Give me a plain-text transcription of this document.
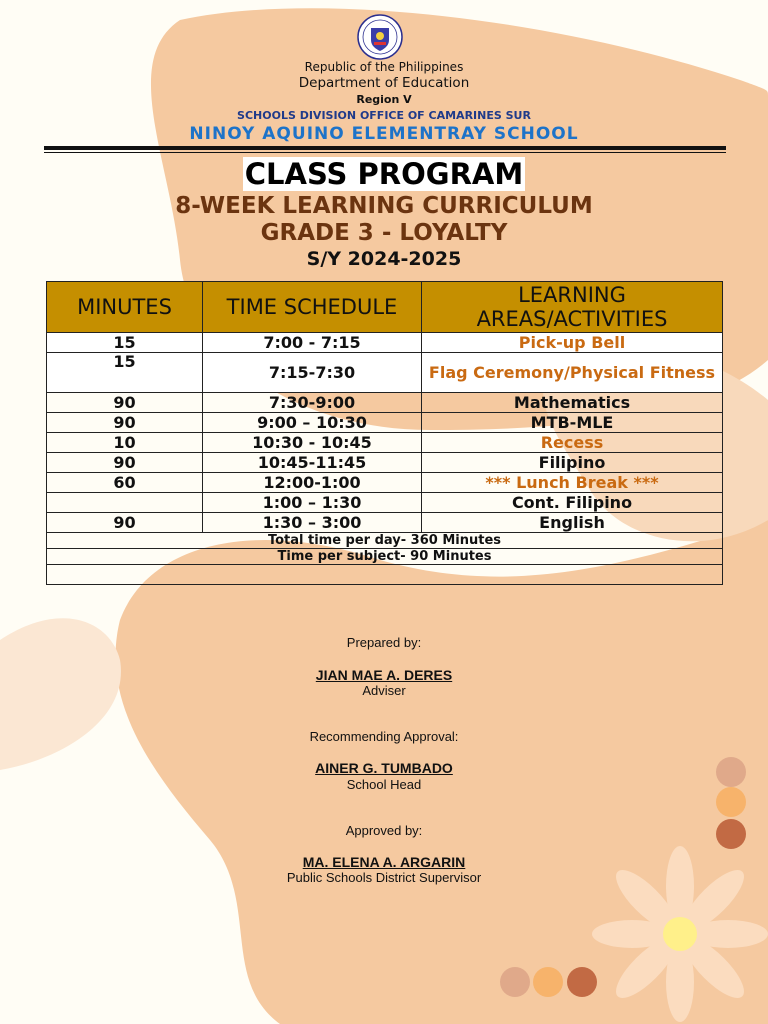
Republic of the Philippines
Department of Education
Region V
SCHOOLS DIVISION OFFICE OF CAMARINES SUR
NINOY AQUINO ELEMENTRAY SCHOOL
CLASS PROGRAM
8-WEEK LEARNING CURRICULUM
GRADE 3 - LOYALTY
S/Y 2024-2025
MINUTES	TIME SCHEDULE	LEARNING AREAS/ACTIVITIES
15	7:00 - 7:15	Pick-up Bell
15	7:15-7:30	Flag Ceremony/Physical Fitness
90	7:30-9:00	Mathematics
90	9:00 – 10:30	MTB-MLE
10	10:30 - 10:45	Recess
90	10:45-11:45	Filipino
60	12:00-1:00	*** Lunch Break ***
	1:00 – 1:30	Cont. Filipino
90	1:30 – 3:00	English
Total time per day- 360 Minutes		
Time per subject- 90 Minutes		

Prepared by:
JIAN MAE A. DERES
Adviser
Recommending Approval:
AINER G. TUMBADO
School Head
Approved by:
MA. ELENA A. ARGARIN
Public Schools District Supervisor
